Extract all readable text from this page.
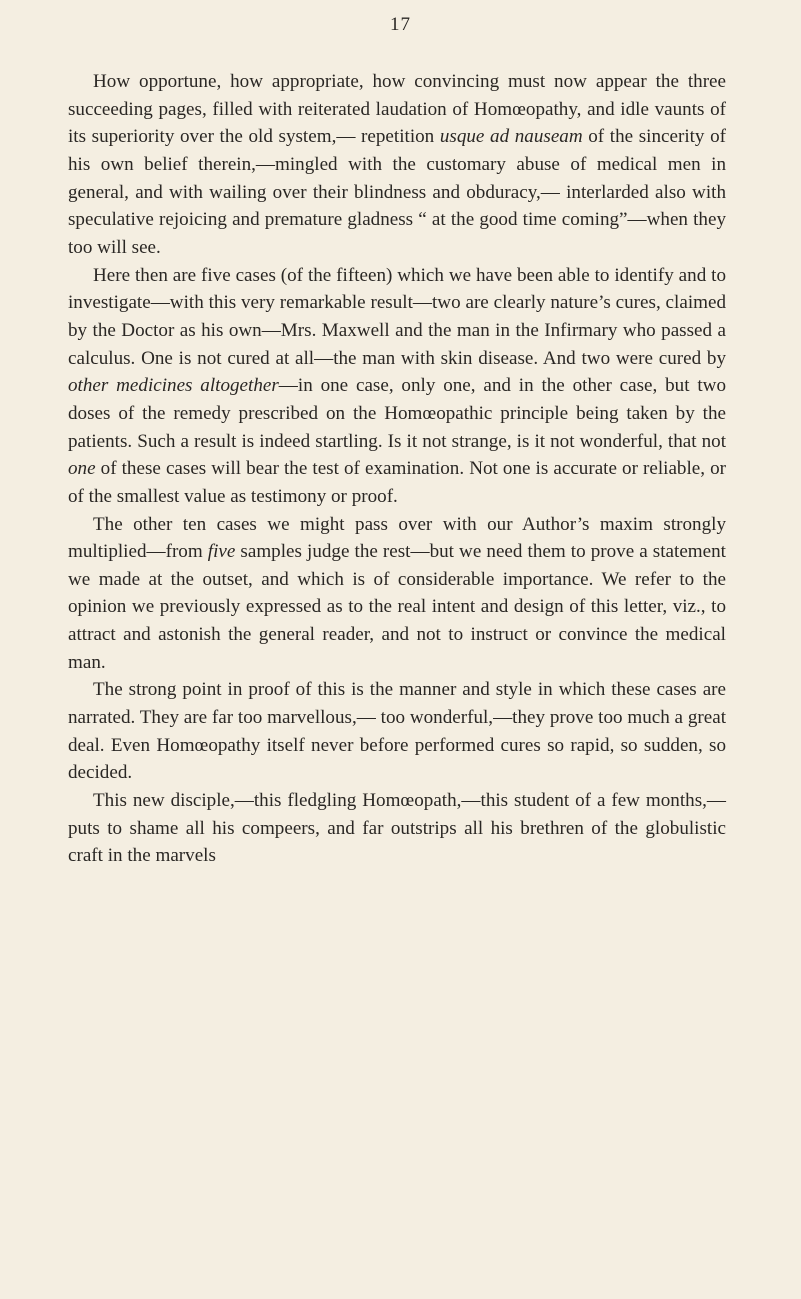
17

How opportune, how appropriate, how convincing must now appear the three succeeding pages, filled with reiterated laudation of Homœopathy, and idle vaunts of its superiority over the old system,— repetition usque ad nauseam of the sincerity of his own belief therein,—mingled with the customary abuse of medical men in general, and with wailing over their blindness and obduracy,— interlarded also with speculative rejoicing and premature gladness “ at the good time coming”—when they too will see.

Here then are five cases (of the fifteen) which we have been able to identify and to investigate—with this very remarkable result—two are clearly nature’s cures, claimed by the Doctor as his own—Mrs. Maxwell and the man in the Infirmary who passed a calculus. One is not cured at all—the man with skin disease. And two were cured by other medicines altogether—in one case, only one, and in the other case, but two doses of the remedy prescribed on the Homœopathic principle being taken by the patients. Such a result is indeed startling. Is it not strange, is it not wonderful, that not one of these cases will bear the test of examination. Not one is accurate or reliable, or of the smallest value as testimony or proof.

The other ten cases we might pass over with our Author’s maxim strongly multiplied—from five samples judge the rest—but we need them to prove a statement we made at the outset, and which is of considerable importance. We refer to the opinion we previously expressed as to the real intent and design of this letter, viz., to attract and astonish the general reader, and not to instruct or convince the medical man.

The strong point in proof of this is the manner and style in which these cases are narrated. They are far too marvellous,— too wonderful,—they prove too much a great deal. Even Homœopathy itself never before performed cures so rapid, so sudden, so decided.

This new disciple,—this fledgling Homœopath,—this student of a few months,—puts to shame all his compeers, and far outstrips all his brethren of the globulistic craft in the marvels
